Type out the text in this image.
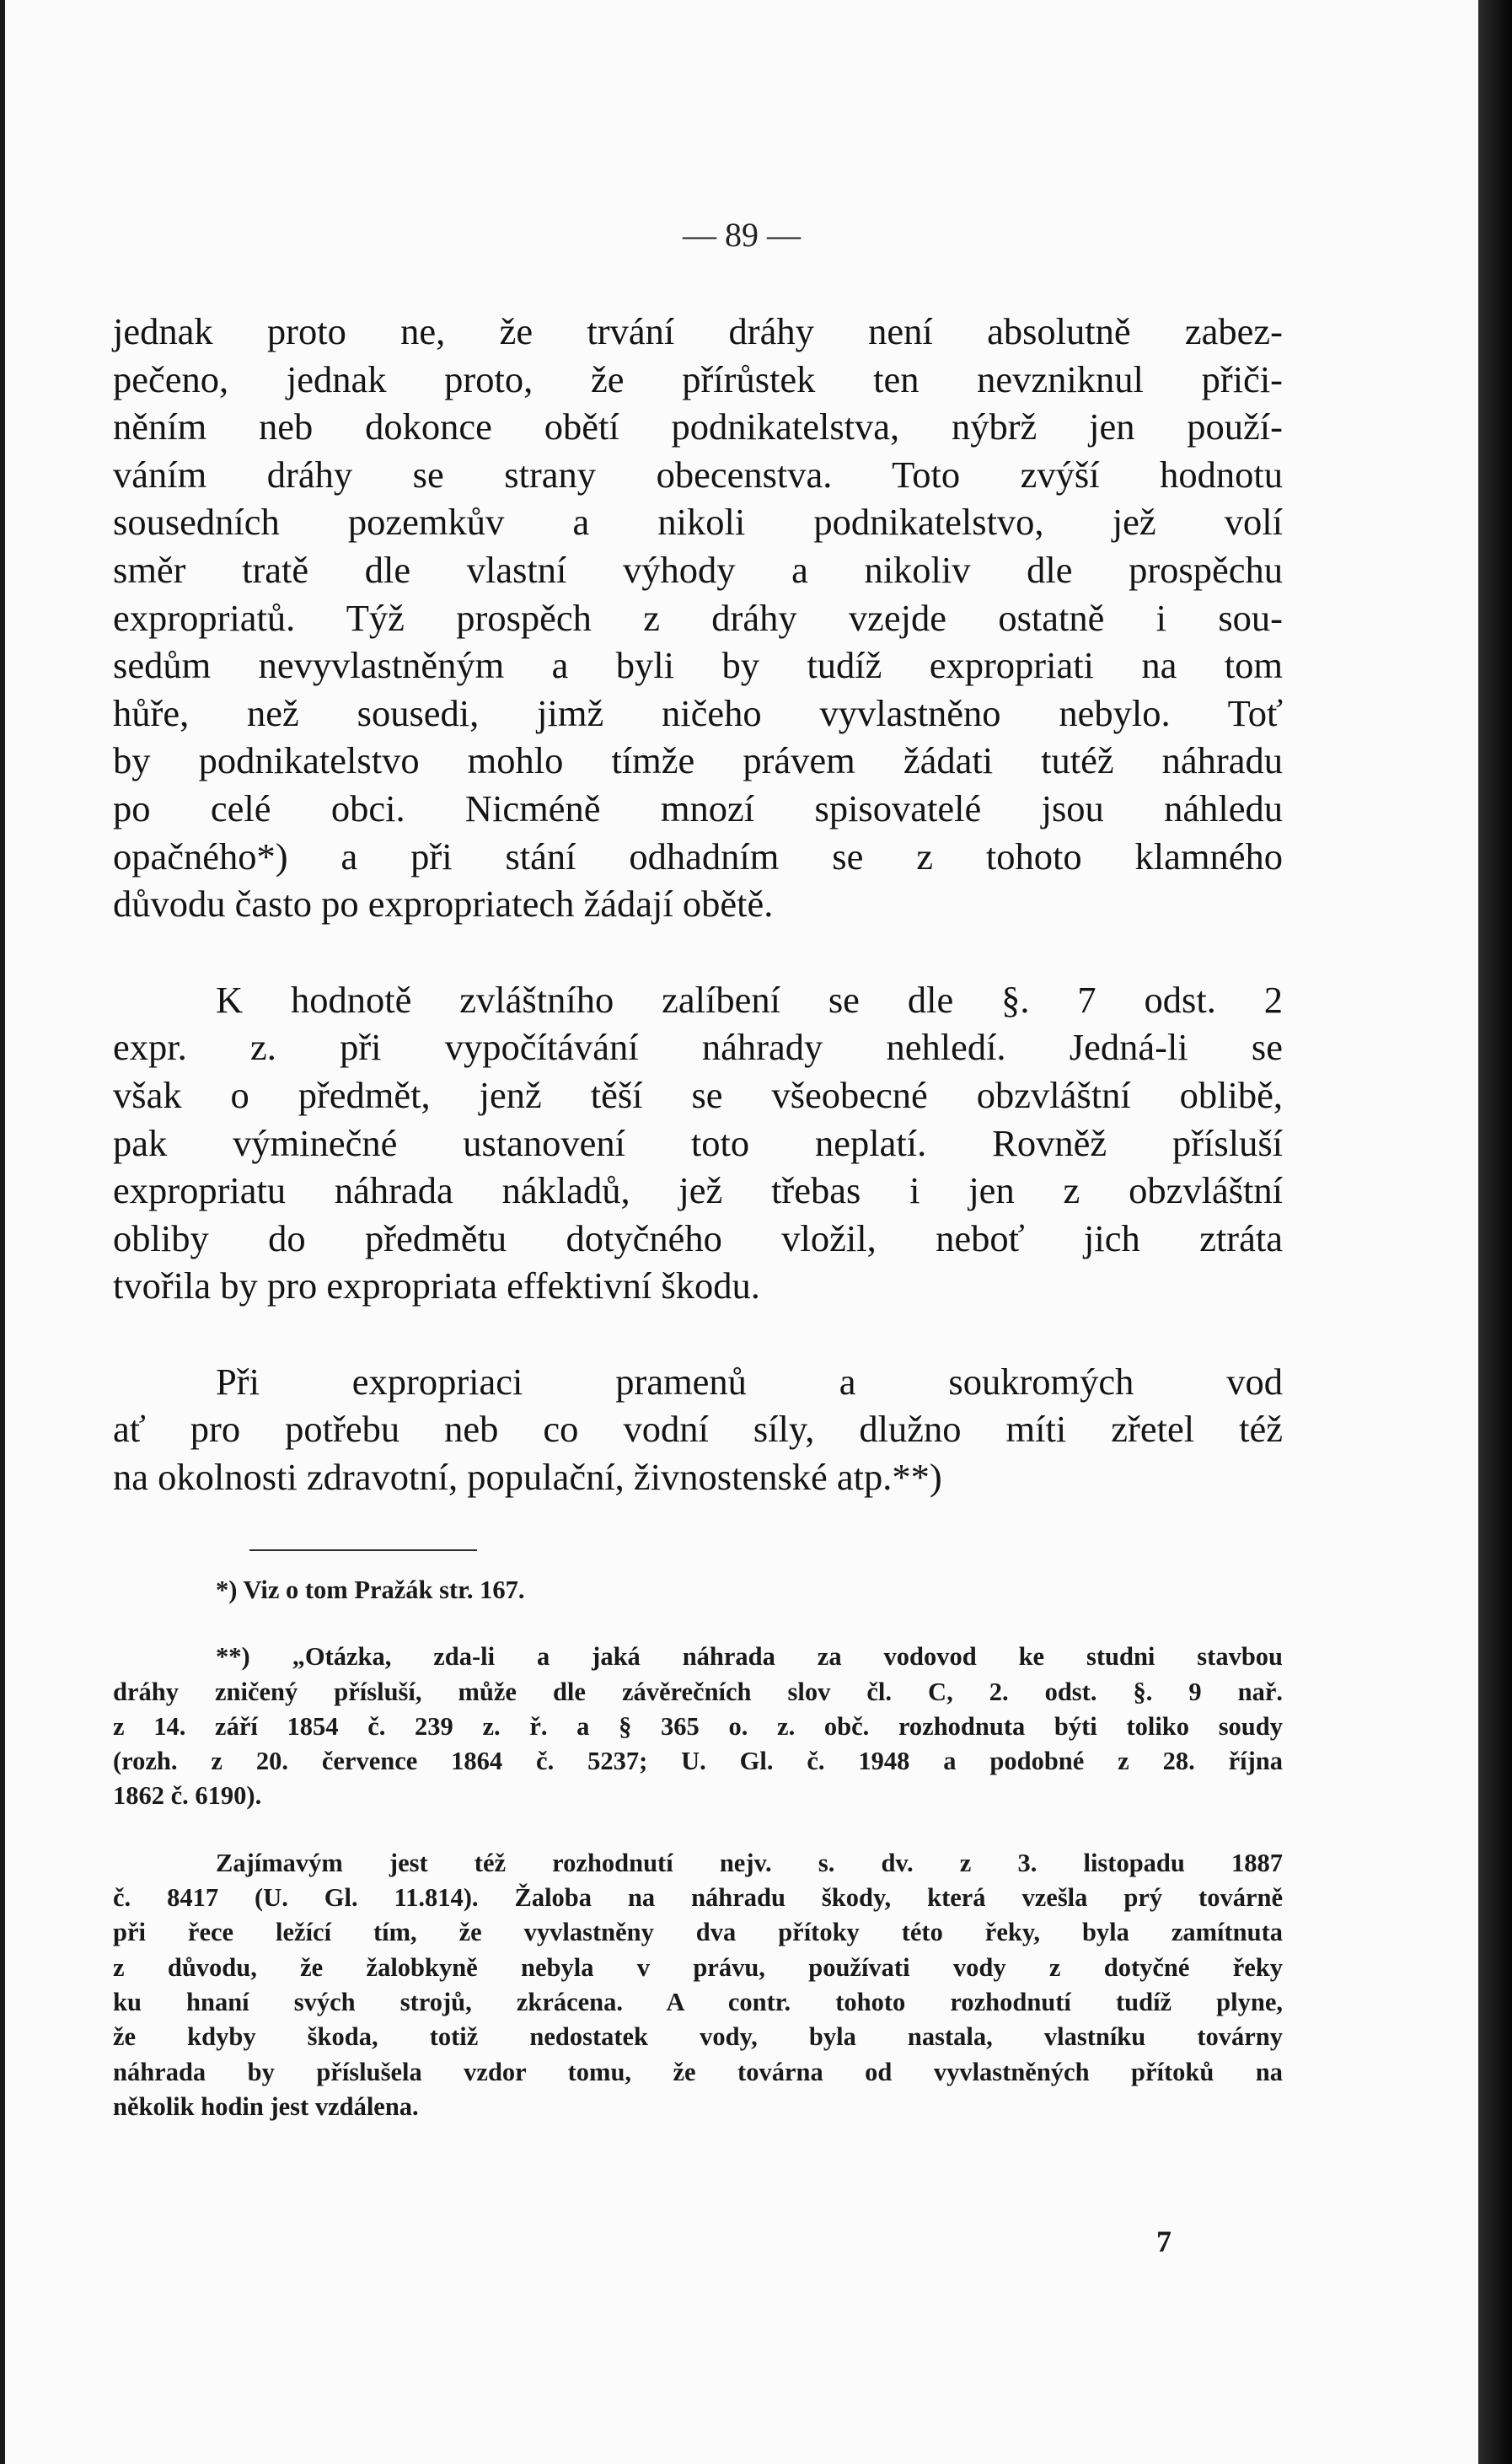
— 89 —
jednak proto ne, že trvání dráhy není absolutně zabez-
pečeno, jednak proto, že přírůstek ten nevzniknul přiči-
něním neb dokonce obětí podnikatelstva, nýbrž jen použí-
váním dráhy se strany obecenstva. Toto zvýší hodnotu
sousedních pozemkův a nikoli podnikatelstvo, jež volí
směr tratě dle vlastní výhody a nikoliv dle prospěchu
expropriatů. Týž prospěch z dráhy vzejde ostatně i sou-
sedům nevyvlastněným a byli by tudíž expropriati na tom
hůře, než sousedi, jimž ničeho vyvlastněno nebylo. Toť
by podnikatelstvo mohlo tímže právem žádati tutéž náhradu
po celé obci. Nicméně mnozí spisovatelé jsou náhledu
opačného*) a při stání odhadním se z tohoto klamného
důvodu často po expropriatech žádají obětě.
K hodnotě zvláštního zalíbení se dle §. 7 odst. 2
expr. z. při vypočítávání náhrady nehledí. Jedná-li se
však o předmět, jenž těší se všeobecné obzvláštní oblibě,
pak výminečné ustanovení toto neplatí. Rovněž přísluší
expropriatu náhrada nákladů, jež třebas i jen z obzvláštní
obliby do předmětu dotyčného vložil, neboť jich ztráta
tvořila by pro expropriata effektivní škodu.
Při expropriaci pramenů a soukromých vod
ať pro potřebu neb co vodní síly, dlužno míti zřetel též
na okolnosti zdravotní, populační, živnostenské atp.**)
*) Viz o tom Pražák str. 167.
**) „Otázka, zda-li a jaká náhrada za vodovod ke studni stavbou
dráhy zničený přísluší, může dle závěrečních slov čl. C, 2. odst. §. 9 nař.
z 14. září 1854 č. 239 z. ř. a § 365 o. z. obč. rozhodnuta býti toliko soudy
(rozh. z 20. července 1864 č. 5237; U. Gl. č. 1948 a podobné z 28. října
1862 č. 6190).
Zajímavým jest též rozhodnutí nejv. s. dv. z 3. listopadu 1887
č. 8417 (U. Gl. 11.814). Žaloba na náhradu škody, která vzešla prý továrně
při řece ležící tím, že vyvlastněny dva přítoky této řeky, byla zamítnuta
z důvodu, že žalobkyně nebyla v právu, používati vody z dotyčné řeky
ku hnaní svých strojů, zkrácena. A contr. tohoto rozhodnutí tudíž plyne,
že kdyby škoda, totiž nedostatek vody, byla nastala, vlastníku továrny
náhrada by příslušela vzdor tomu, že továrna od vyvlastněných přítoků na
několik hodin jest vzdálena.
7
